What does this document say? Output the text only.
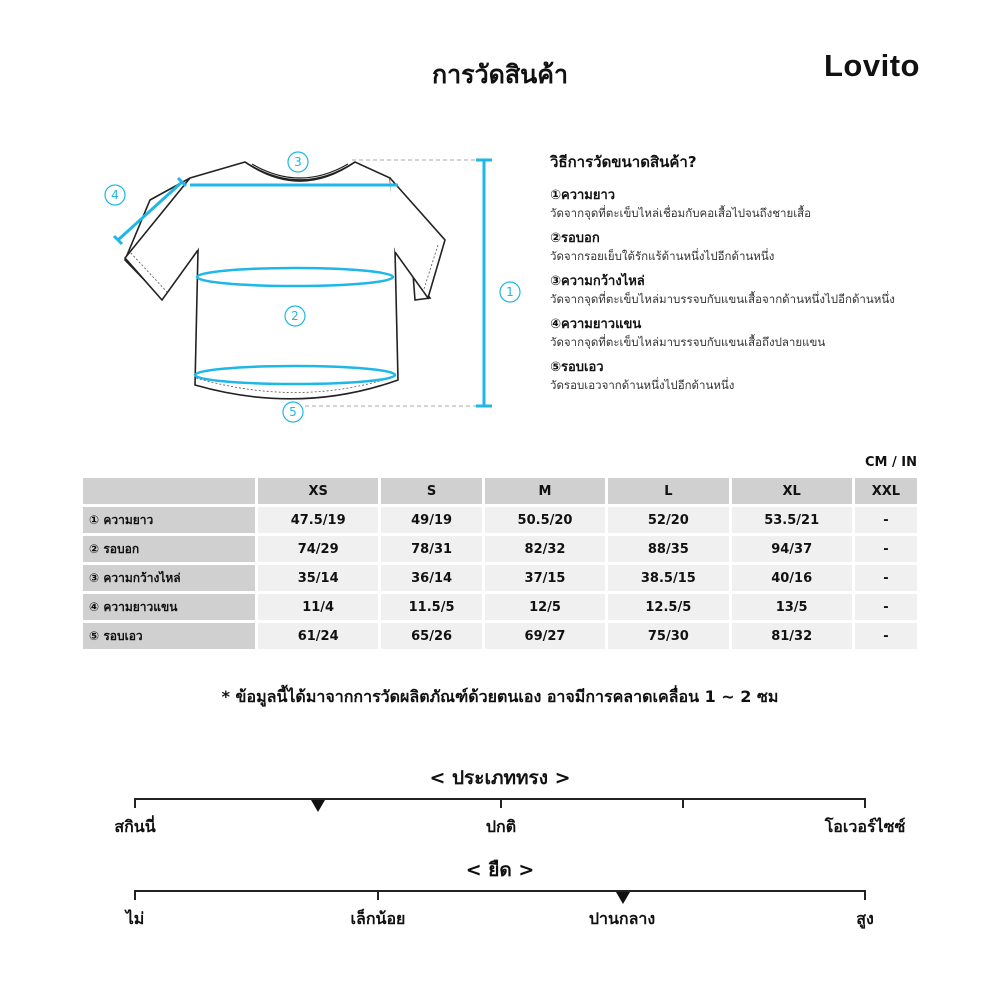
การวัดสินค้า	Lovito
1
2
3
4
5
วิธีการวัดขนาดสินค้า?
①ความยาว
วัดจากจุดที่ตะเข็บไหล่เชื่อมกับคอเสื้อไปจนถึงชายเสื้อ
②รอบอก
วัดจากรอยเย็บใต้รักแร้ด้านหนึ่งไปอีกด้านหนึ่ง
③ความกว้างไหล่
วัดจากจุดที่ตะเข็บไหล่มาบรรจบกับแขนเสื้อจากด้านหนึ่งไปอีกด้านหนึ่ง
④ความยาวแขน
วัดจากจุดที่ตะเข็บไหล่มาบรรจบกับแขนเสื้อถึงปลายแขน
⑤รอบเอว
วัดรอบเอวจากด้านหนึ่งไปอีกด้านหนึ่ง
CM / IN
	XS	S	M	L	XL	XXL
① ความยาว	47.5/19	49/19	50.5/20	52/20	53.5/21	-
② รอบอก	74/29	78/31	82/32	88/35	94/37	-
③ ความกว้างไหล่	35/14	36/14	37/15	38.5/15	40/16	-
④ ความยาวแขน	11/4	11.5/5	12/5	12.5/5	13/5	-
⑤ รอบเอว	61/24	65/26	69/27	75/30	81/32	-
* ข้อมูลนี้ได้มาจากการวัดผลิตภัณฑ์ด้วยตนเอง อาจมีการคลาดเคลื่อน 1 ~ 2 ซม
< ประเภททรง >
สกินนี่	ปกติ	โอเวอร์ไซซ์
< ยืด >
ไม่	เล็กน้อย	ปานกลาง	สูง
